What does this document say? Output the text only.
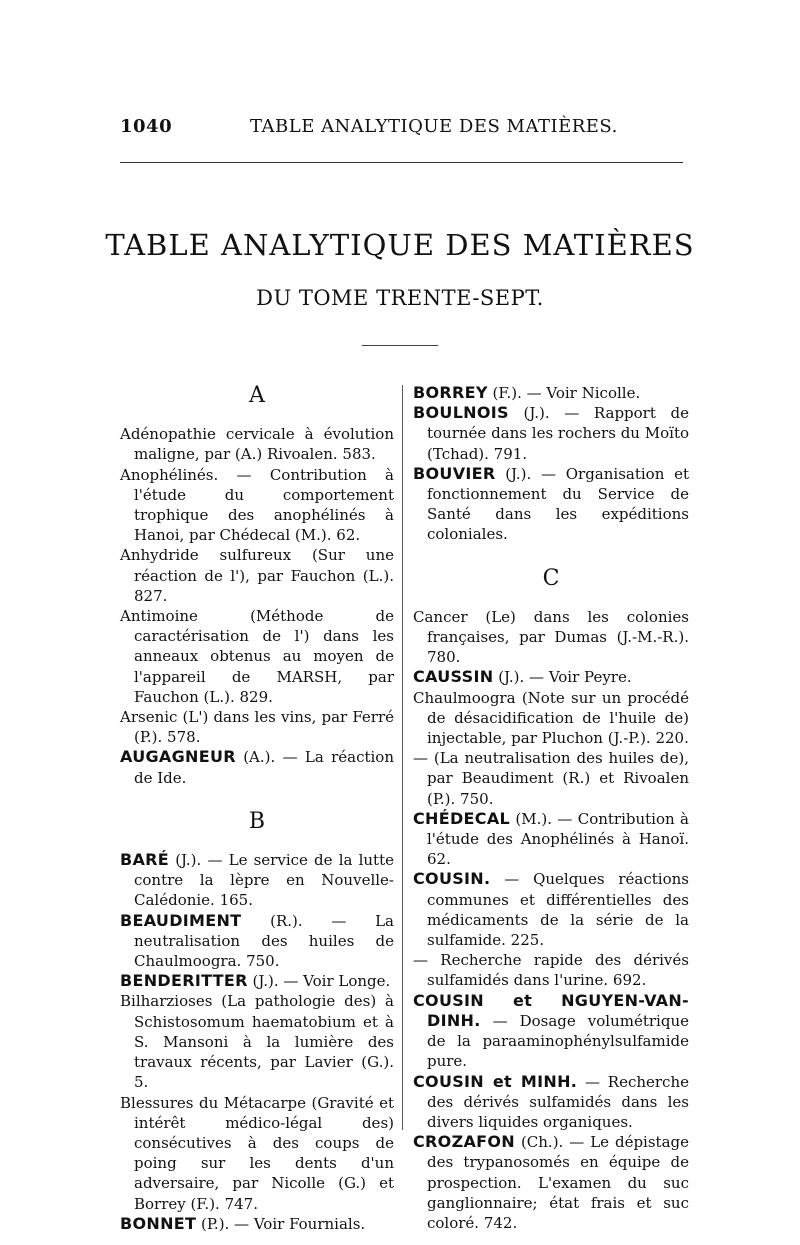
1040	TABLE ANALYTIQUE DES MATIÈRES.
TABLE ANALYTIQUE DES MATIÈRES
DU TOME TRENTE-SEPT.
A
Adénopathie cervicale à évolution maligne, par (A.) Rivoalen. 583.
Anophélinés. — Contribution à l'étude du comportement trophique des anophélinés à Hanoi, par Chédecal (M.). 62.
Anhydride sulfureux (Sur une réaction de l'), par Fauchon (L.). 827.
Antimoine (Méthode de caractérisation de l') dans les anneaux obtenus au moyen de l'appareil de MARSH, par Fauchon (L.). 829.
Arsenic (L') dans les vins, par Ferré (P.). 578.
AUGAGNEUR (A.). — La réaction de Ide.
B
BARÉ (J.). — Le service de la lutte contre la lèpre en Nouvelle-Calédonie. 165.
BEAUDIMENT (R.). — La neutralisation des huiles de Chaulmoogra. 750.
BENDERITTER (J.). — Voir Longe.
Bilharzioses (La pathologie des) à Schistosomum haematobium et à S. Mansoni à la lumière des travaux récents, par Lavier (G.). 5.
Blessures du Métacarpe (Gravité et intérêt médico-légal des) consécutives à des coups de poing sur les dents d'un adversaire, par Nicolle (G.) et Borrey (F.). 747.
BONNET (P.). — Voir Fournials.
BORREY (F.). — Voir Nicolle.
BOULNOIS (J.). — Rapport de tournée dans les rochers du Moïto (Tchad). 791.
BOUVIER (J.). — Organisation et fonctionnement du Service de Santé dans les expéditions coloniales.
C
Cancer (Le) dans les colonies françaises, par Dumas (J.-M.-R.). 780.
CAUSSIN (J.). — Voir Peyre.
Chaulmoogra (Note sur un procédé de désacidification de l'huile de) injectable, par Pluchon (J.-P.). 220.
— (La neutralisation des huiles de), par Beaudiment (R.) et Rivoalen (P.). 750.
CHÉDECAL (M.). — Contribution à l'étude des Anophélinés à Hanoï. 62.
COUSIN. — Quelques réactions communes et différentielles des médicaments de la série de la sulfamide. 225.
— Recherche rapide des dérivés sulfamidés dans l'urine. 692.
COUSIN et NGUYEN-VAN-DINH. — Dosage volumétrique de la paraaminophénylsulfamide pure.
COUSIN et MINH. — Recherche des dérivés sulfamidés dans les divers liquides organiques.
CROZAFON (Ch.). — Le dépistage des trypanosomés en équipe de prospection. L'examen du suc ganglionnaire; état frais et suc coloré. 742.
